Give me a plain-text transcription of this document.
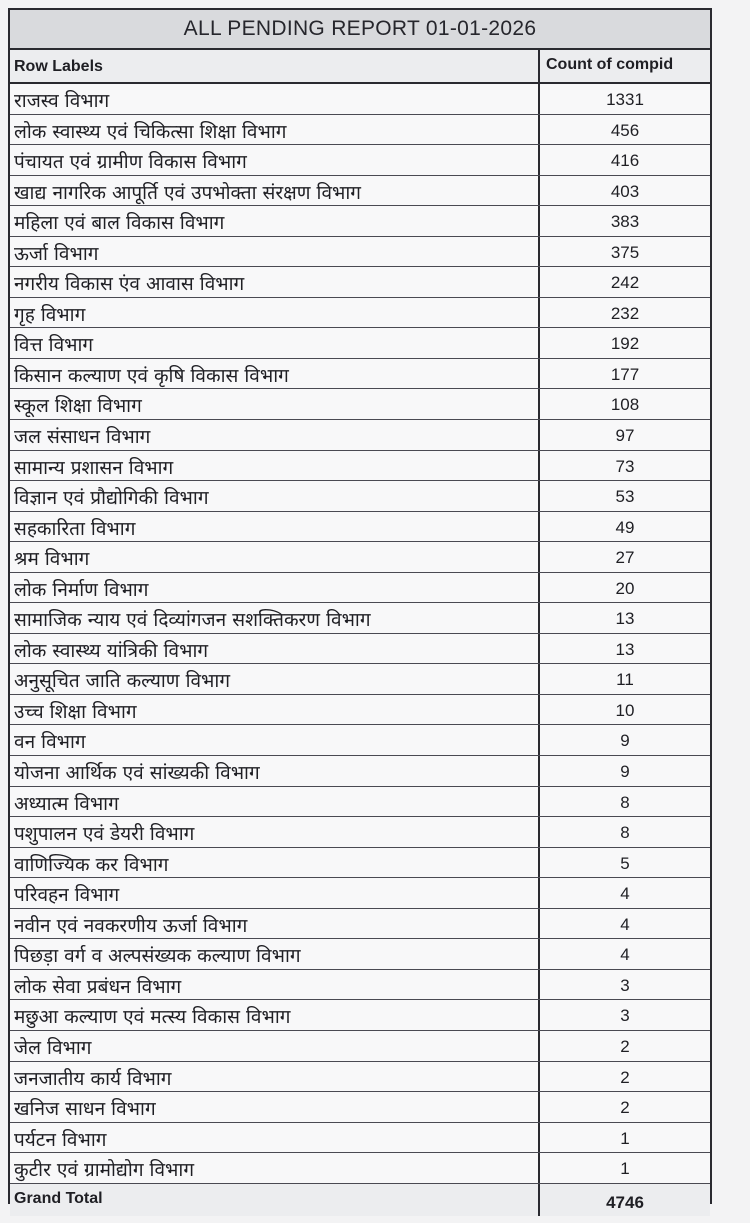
ALL PENDING REPORT 01-01-2026
Row Labels	Count of compid
राजस्व विभाग	1331
लोक स्वास्थ्य एवं चिकित्सा शिक्षा विभाग	456
पंचायत एवं ग्रामीण विकास विभाग	416
खाद्य नागरिक आपूर्ति एवं उपभोक्ता संरक्षण विभाग	403
महिला एवं बाल विकास विभाग	383
ऊर्जा विभाग	375
नगरीय विकास एंव आवास विभाग	242
गृह विभाग	232
वित्त विभाग	192
किसान कल्याण एवं कृषि विकास विभाग	177
स्कूल शिक्षा विभाग	108
जल संसाधन विभाग	97
सामान्य प्रशासन विभाग	73
विज्ञान एवं प्रौद्योगिकी विभाग	53
सहकारिता विभाग	49
श्रम विभाग	27
लोक निर्माण विभाग	20
सामाजिक न्याय एवं दिव्यांगजन सशक्तिकरण विभाग	13
लोक स्वास्थ्य यांत्रिकी विभाग	13
अनुसूचित जाति कल्याण विभाग	11
उच्च शिक्षा विभाग	10
वन विभाग	9
योजना आर्थिक एवं सांख्यकी विभाग	9
अध्यात्म विभाग	8
पशुपालन एवं डेयरी विभाग	8
वाणिज्यिक कर विभाग	5
परिवहन विभाग	4
नवीन एवं नवकरणीय ऊर्जा विभाग	4
पिछड़ा वर्ग व अल्पसंख्यक कल्याण विभाग	4
लोक सेवा प्रबंधन विभाग	3
मछुआ कल्याण एवं मत्स्य विकास विभाग	3
जेल विभाग	2
जनजातीय कार्य विभाग	2
खनिज साधन विभाग	2
पर्यटन विभाग	1
कुटीर एवं ग्रामोद्योग विभाग	1
Grand Total	4746
